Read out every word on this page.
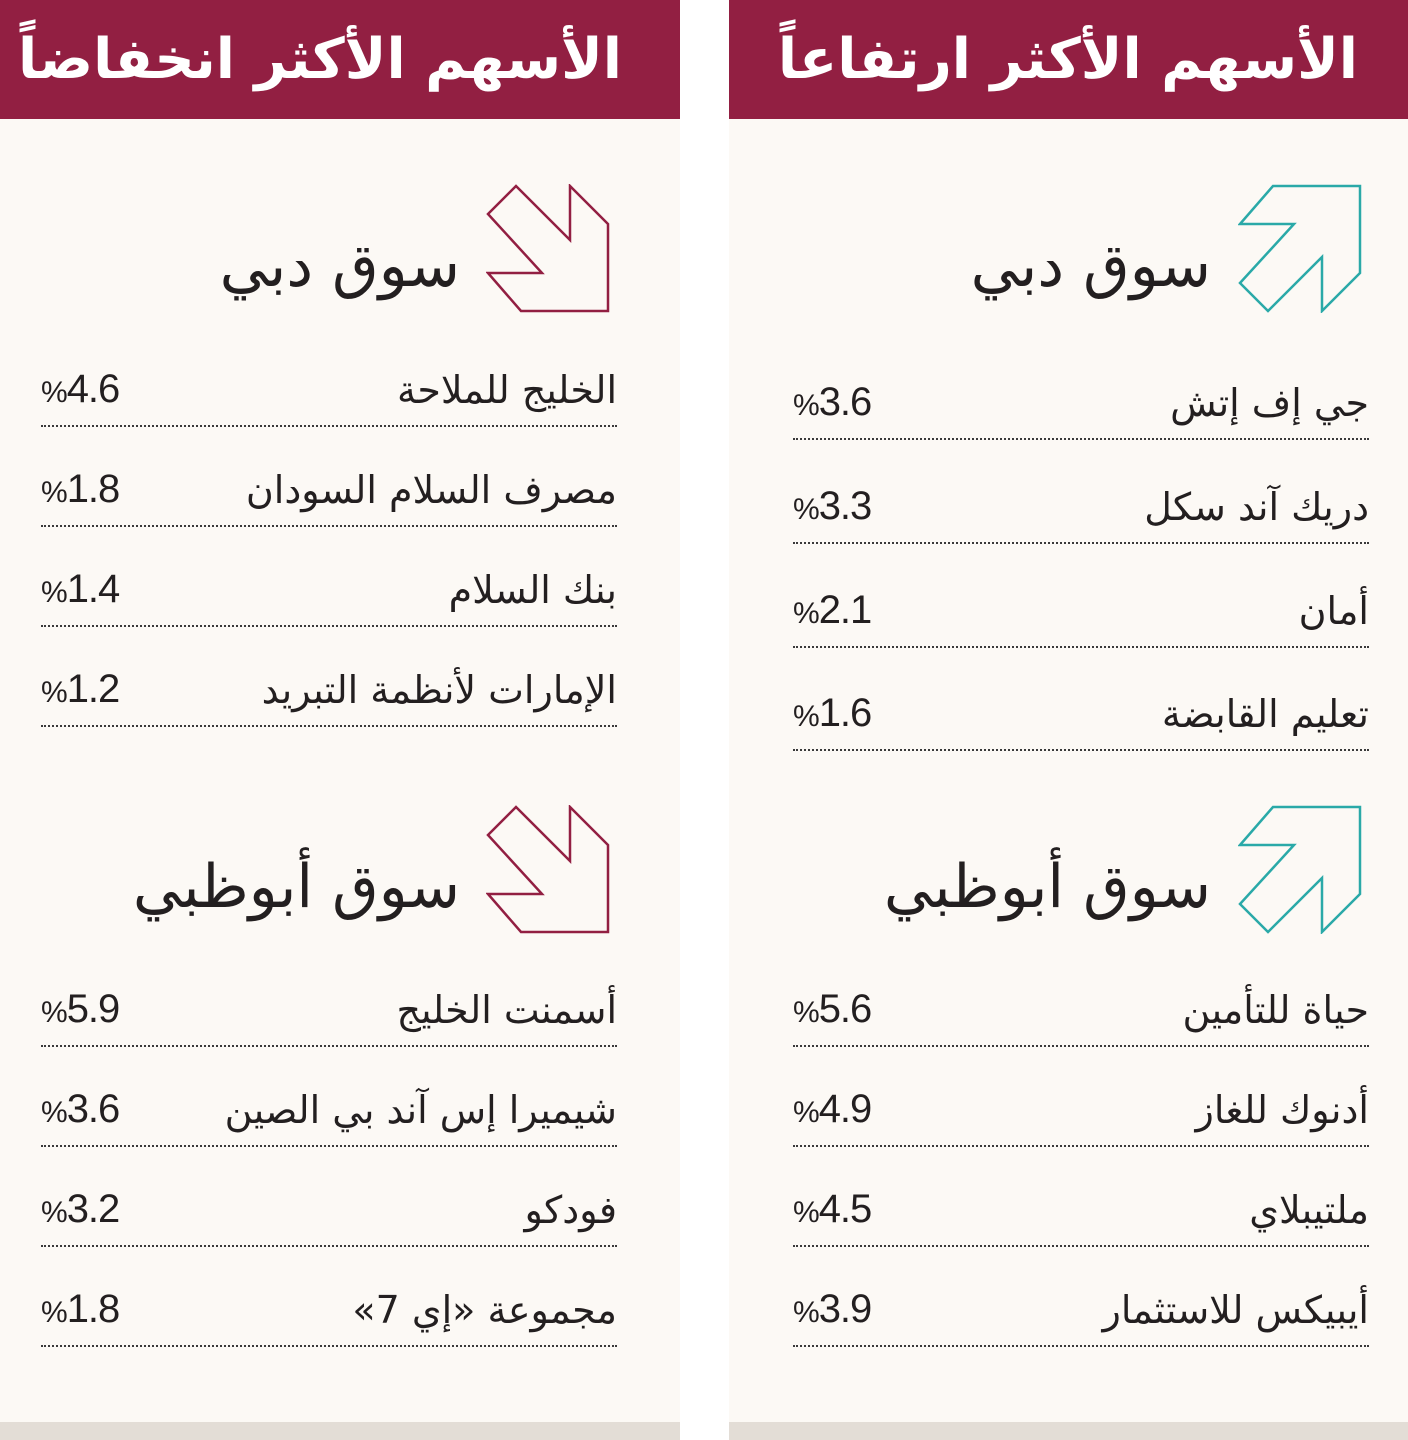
الأسهم الأكثر انخفاضاً
سوق دبي
الخليج للملاحة
%4.6
مصرف السلام السودان
%1.8
بنك السلام
%1.4
الإمارات لأنظمة التبريد
%1.2
سوق أبوظبي
أسمنت الخليج
%5.9
شيميرا إس آند بي الصين
%3.6
فودكو
%3.2
مجموعة «إي 7»
%1.8
الأسهم الأكثر ارتفاعاً
سوق دبي
جي إف إتش
%3.6
دريك آند سكل
%3.3
أمان
%2.1
تعليم القابضة
%1.6
سوق أبوظبي
حياة للتأمين
%5.6
أدنوك للغاز
%4.9
ملتيبلاي
%4.5
أيبيكس للاستثمار
%3.9
